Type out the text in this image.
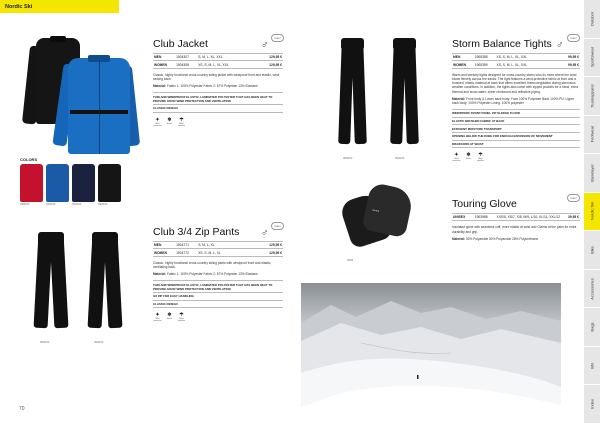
Nordic Ski
COLORS
999000	346000	393000	999000
999000	999000
Club Jacket	♂
CRAFT
MEN	1904307	S, M, L, XL, XXL	129,95 €
WOMEN	1904308	XS, S, M, L, XL, XXL	129,95 €
Classic, highly functional cross-country skiing jacket with windproof front and elastic, wind sewing back.
Material: Fabric 1: 100% Polyester Fabric 2: 87% Polyester 13% Elastane
THIN AND WINDPROOF ELASTIC, LAMINATED POLYESTER THAT HAS BEEN HEAT TO PROVIDE GOOD WIND PROTECTION AND VENTILATION
CLASSIC DESIGN
✦
Wind protection
❄
Elastic
☂
Water repellent
Club 3/4 Zip Pants	♂
CRAFT
MEN	1904771	S, M, L, XL	129,95 €
WOMEN	1904772	XS, S, M, L, XL	129,95 €
Classic, highly functional cross-country skiing pants with windproof front and elastic, ventilating back.
Material: Fabric 1: 100% Polyester Fabric 2: 87% Polyester 13% Elastane
THIN AND WINDPROOF ELASTIC, LAMINATED POLYESTER THAT HAS BEEN HEAT TO PROVIDE GOOD WIND PROTECTION AND VENTILATION
3/4 ZIP FOR EASY HANDLING
CLASSIC DESIGN
✦
Wind protection
❄
Elastic
☂
Water repellent
70
999000	999000
▪▪▪▪
9999
Storm Balance Tights ♂
CRAFT
MEN	1905358	XS, S, M, L, XL, XXL	99,95 €
WOMEN	1905359	XS, S, M, L, XL, XXL	99,95 €
Warm and stretchy tights designed for cross-country skiers who do more where the wind blows fiercely across the tracks. The tight features a wind-protective fabric at front and a brushed, elastic material at back that offers excellent thermoregulation during strenuous weather conditions. In addition, the tights also come with zipped pockets for a hand, extra thermal and snow-water, sheer reinforced and reflective piping.
Material: Front body & Lower back body: Face 100% Polyester Back 100% PU. Upper back body: 100% Polyester Lining: 100% polyester
WINDPROOF FRONT PANEL ZIP SLEDGE FLOOD
ELASTIC BRUSHED FABRIC AT BACK
EFFICIENT MOISTURE TRANSPORT
OPENING BELOW THE KNEE FOR ENOUGH EXPANSION OF MOVEMENT
DRAWCORD AT WAIST
✦
Wind protection
❄
Elastic
☂
Water repellent
Touring Glove	CRAFT
UNISEX	1903988	XXS/5, XS/7, S/8, M/9, L/10, XL/11, XXL/12	39,95 €
Insulated glove with seamless cuff, more elastic at wrist and Claims at the palm for extra durability and grip.
Material: 50% Polyamide 50% Polyamide 28% Polyurethane
Outdoor
Sportswear
Teamapparel
Footwear
Baselayer
Nordic Ski
Bike
Accessories
Bags
Info
Index
